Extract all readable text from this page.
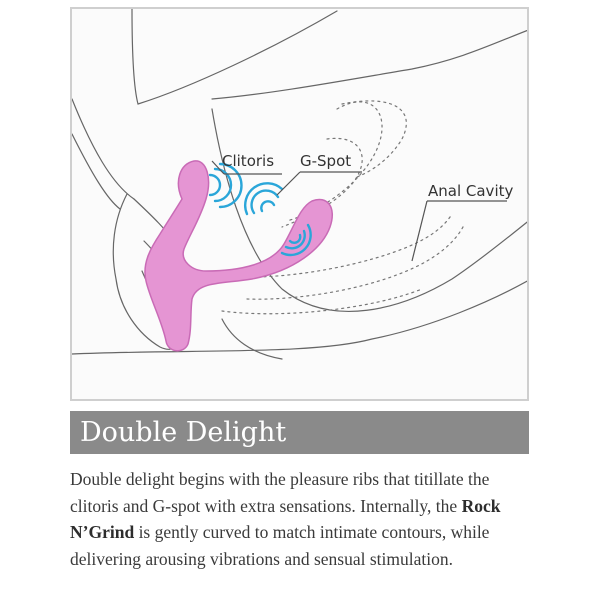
Clitoris G-Spot
Anal Cavity
Double Delight
Double delight begins with the pleasure ribs that titillate the clitoris and G-spot with extra sensations. Internally, the Rock N’Grind is gently curved to match intimate contours, while delivering arousing vibrations and sensual stimulation.
